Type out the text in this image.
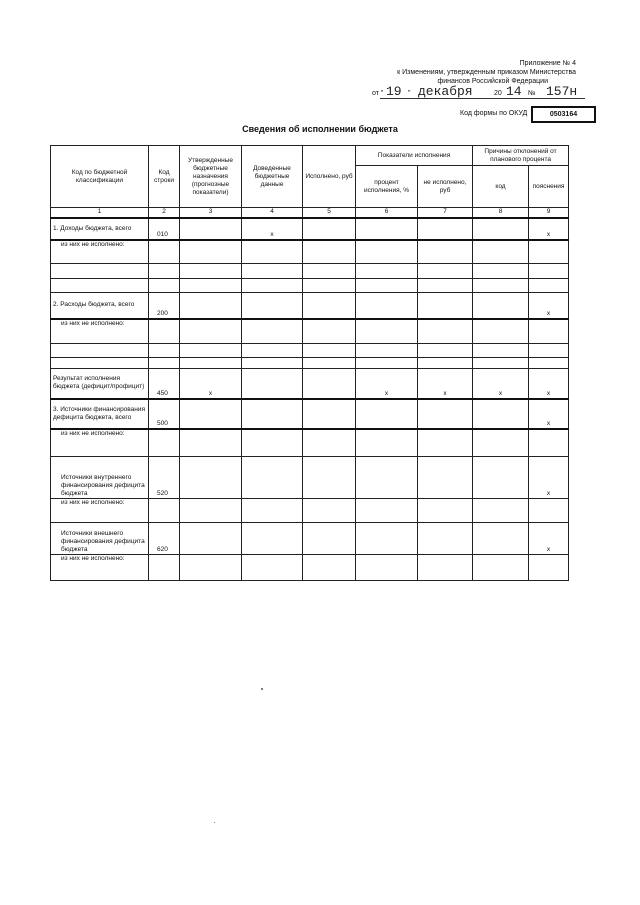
Приложение № 4
к Изменениям, утвержденным приказом Министерства
финансов Российской Федерации
от " 19 " декабря	20 14 № 157н
Код формы по ОКУД	0503164
Сведения об исполнении бюджета
Код по бюджетной классификации	Код строки	Утвержденные бюджетные назначения (прогнозные показатели)	Доведенные бюджетные данные	Исполнено, руб	Показатели исполнения		Причины отклонений от планового процента	
					процент исполнения, %	не исполнено, руб	код	пояснения
1	2	3	4	5	6	7	8	9
1. Доходы бюджета, всего	010		x					x
из них не исполнено:								

2. Расходы бюджета, всего	200							x
из них не исполнено:								

Результат исполнения бюджета (дефицит/профицит)	450	x			x	x	x	x
3. Источники финансирования дефицита бюджета, всего	500							x
из них не исполнено:								
Источники внутреннего финансирования дефицита бюджета	520							x
из них не исполнено:								
Источники внешнего финансирования дефицита бюджета	620							x
из них не исполнено:								
